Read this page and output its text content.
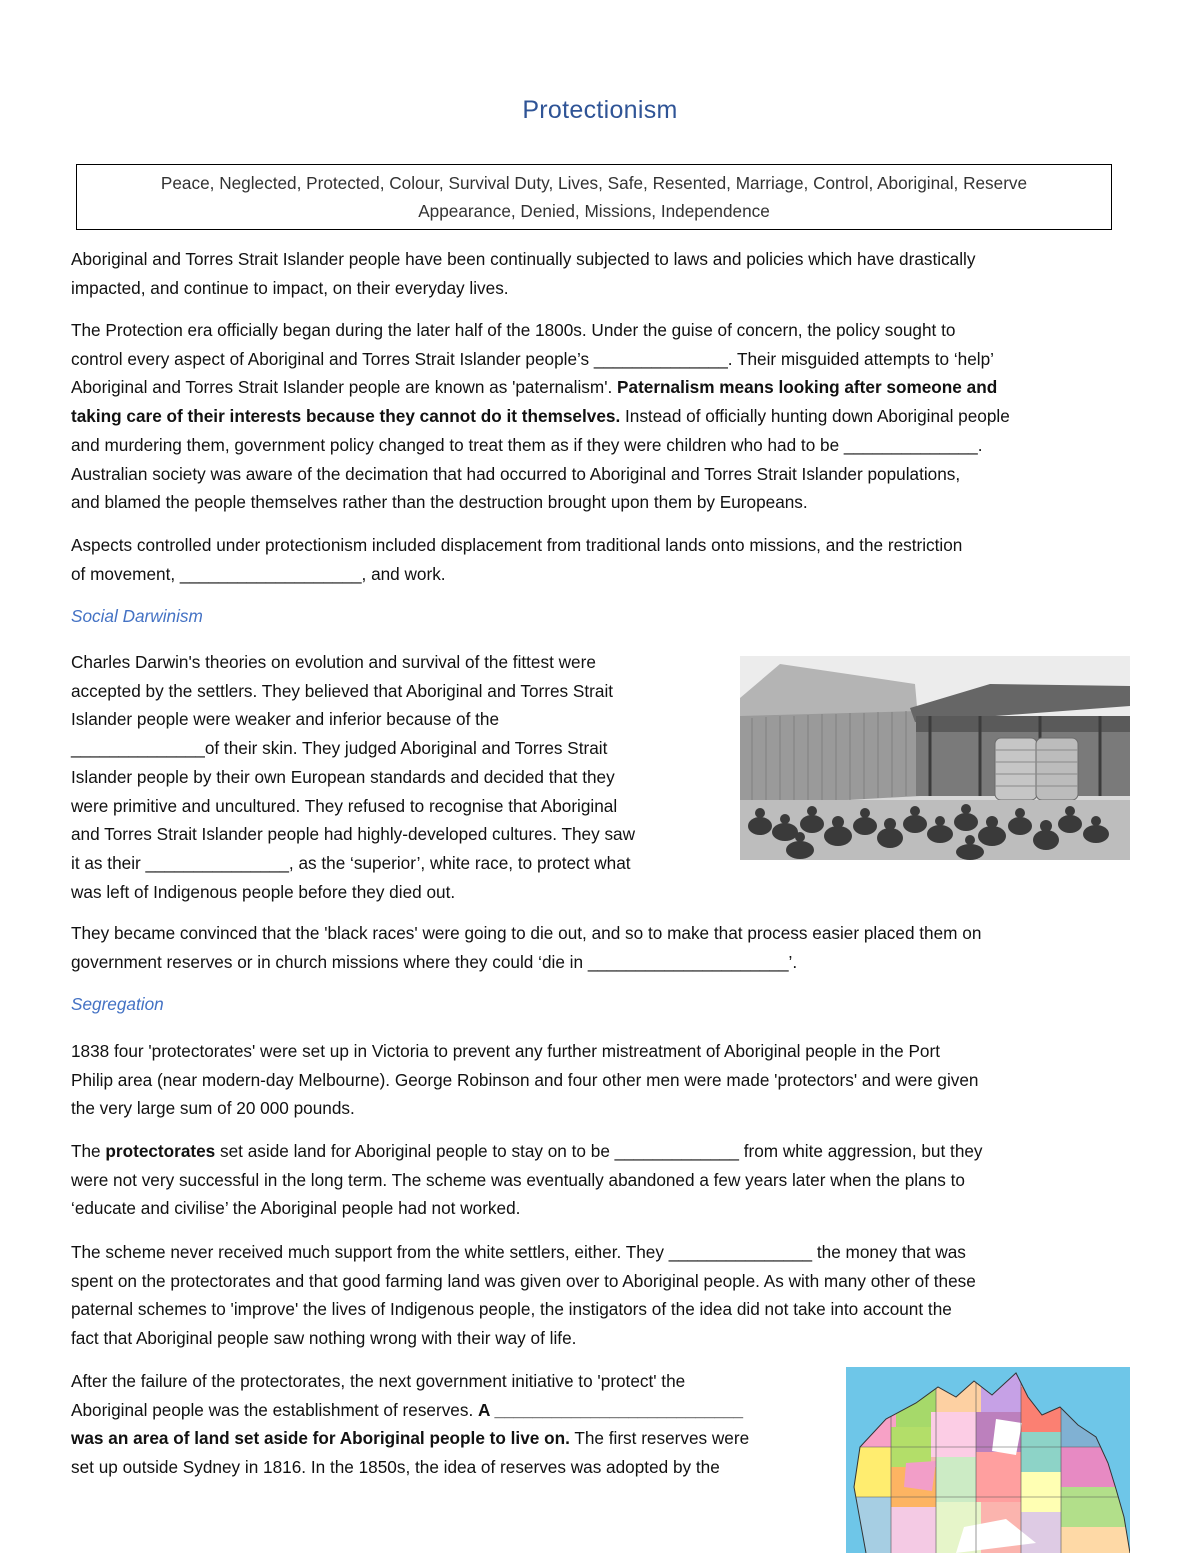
Protectionism
Peace, Neglected, Protected, Colour, Survival Duty, Lives, Safe, Resented, Marriage, Control, Aboriginal, Reserve
Appearance, Denied, Missions, Independence
Aboriginal and Torres Strait Islander people have been continually subjected to laws and policies which have drastically
impacted, and continue to impact, on their everyday lives.
The Protection era officially began during the later half of the 1800s. Under the guise of concern, the policy sought to
control every aspect of Aboriginal and Torres Strait Islander people’s ______________. Their misguided attempts to ‘help’
Aboriginal and Torres Strait Islander people are known as 'paternalism'. Paternalism means looking after someone and
taking care of their interests because they cannot do it themselves. Instead of officially hunting down Aboriginal people
and murdering them, government policy changed to treat them as if they were children who had to be ______________.
Australian society was aware of the decimation that had occurred to Aboriginal and Torres Strait Islander populations,
and blamed the people themselves rather than the destruction brought upon them by Europeans.
Aspects controlled under protectionism included displacement from traditional lands onto missions, and the restriction
of movement, ___________________, and work.
Social Darwinism
Charles Darwin's theories on evolution and survival of the fittest were
accepted by the settlers. They believed that Aboriginal and Torres Strait
Islander people were weaker and inferior because of the
______________of their skin. They judged Aboriginal and Torres Strait
Islander people by their own European standards and decided that they
were primitive and uncultured. They refused to recognise that Aboriginal
and Torres Strait Islander people had highly-developed cultures. They saw
it as their _______________, as the ‘superior’, white race, to protect what
was left of Indigenous people before they died out.
They became convinced that the 'black races' were going to die out, and so to make that process easier placed them on
government reserves or in church missions where they could ‘die in _____________________’.
Segregation
1838 four 'protectorates' were set up in Victoria to prevent any further mistreatment of Aboriginal people in the Port
Philip area (near modern-day Melbourne). George Robinson and four other men were made 'protectors' and were given
the very large sum of 20 000 pounds.
The protectorates set aside land for Aboriginal people to stay on to be _____________ from white aggression, but they
were not very successful in the long term. The scheme was eventually abandoned a few years later when the plans to
‘educate and civilise’ the Aboriginal people had not worked.
The scheme never received much support from the white settlers, either. They _______________ the money that was
spent on the protectorates and that good farming land was given over to Aboriginal people. As with many other of these
paternal schemes to 'improve' the lives of Indigenous people, the instigators of the idea did not take into account the
fact that Aboriginal people saw nothing wrong with their way of life.
After the failure of the protectorates, the next government initiative to 'protect' the
Aboriginal people was the establishment of reserves. A __________________________
was an area of land set aside for Aboriginal people to live on. The first reserves were
set up outside Sydney in 1816. In the 1850s, the idea of reserves was adopted by the
